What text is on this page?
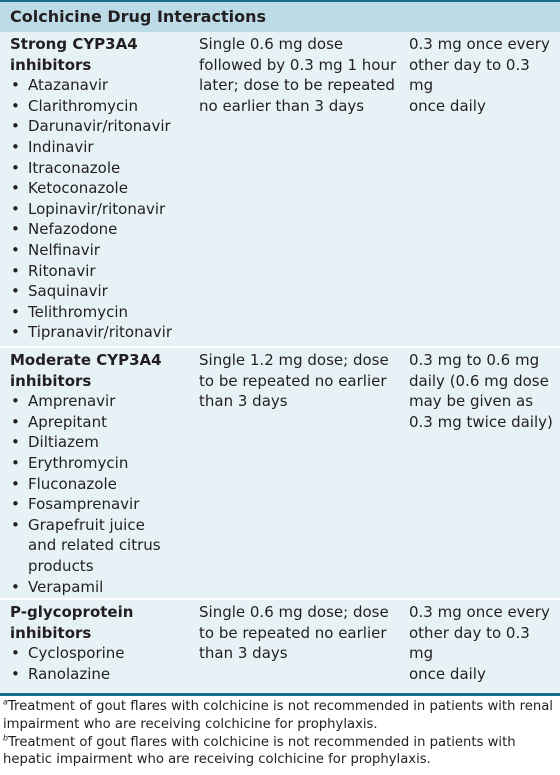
Colchicine Drug Interactions
Strong CYP3A4
inhibitors
• Atazanavir
• Clarithromycin
• Darunavir/ritonavir
• Indinavir
• Itraconazole
• Ketoconazole
• Lopinavir/ritonavir
• Nefazodone
• Nelfinavir
• Ritonavir
• Saquinavir
• Telithromycin
• Tipranavir/ritonavir
Single 0.6 mg dose
followed by 0.3 mg 1 hour
later; dose to be repeated
no earlier than 3 days
0.3 mg once every
other day to 0.3 mg
once daily
Moderate CYP3A4
inhibitors
• Amprenavir
• Aprepitant
• Diltiazem
• Erythromycin
• Fluconazole
• Fosamprenavir
• Grapefruit juice
and related citrus
products
• Verapamil
Single 1.2 mg dose; dose
to be repeated no earlier
than 3 days
0.3 mg to 0.6 mg
daily (0.6 mg dose
may be given as
0.3 mg twice daily)
P-glycoprotein
inhibitors
• Cyclosporine
• Ranolazine
Single 0.6 mg dose; dose
to be repeated no earlier
than 3 days
0.3 mg once every
other day to 0.3 mg
once daily

$^a$Treatment of gout flares with colchicine is not recommended in patients with renal
impairment who are receiving colchicine for prophylaxis.

$^b$Treatment of gout flares with colchicine is not recommended in patients with
hepatic impairment who are receiving colchicine for prophylaxis.
